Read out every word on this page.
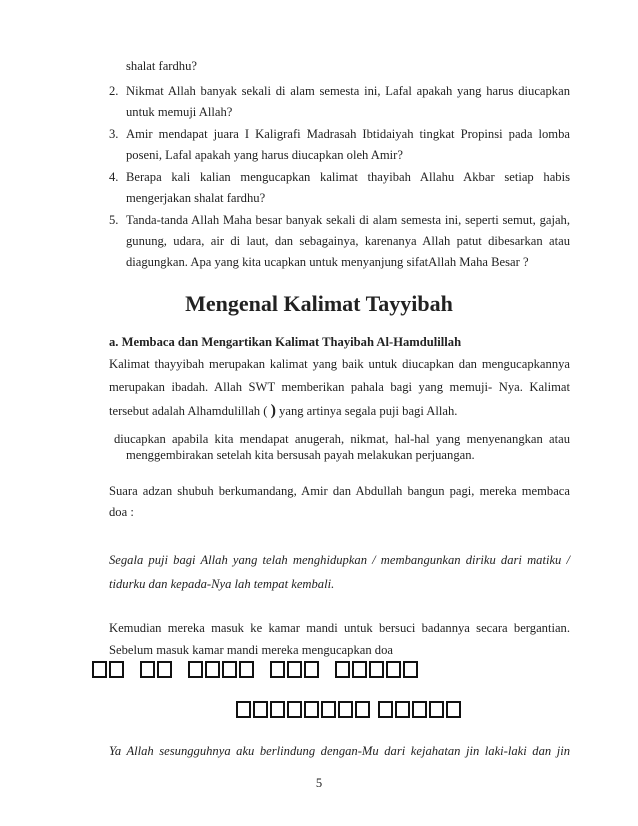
shalat fardhu?
2. Nikmat Allah banyak sekali di alam semesta ini, Lafal apakah yang harus diucapkan
untuk memuji Allah?
3. Amir mendapat juara I Kaligrafi Madrasah Ibtidaiyah tingkat Propinsi pada lomba
poseni, Lafal apakah yang harus diucapkan oleh Amir?
4. Berapa kali kalian mengucapkan kalimat thayibah Allahu Akbar setiap habis
mengerjakan shalat fardhu?
5. Tanda-tanda Allah Maha besar banyak sekali di alam semesta ini, seperti semut, gajah,
gunung, udara, air di laut, dan sebagainya, karenanya Allah patut dibesarkan atau
diagungkan. Apa yang kita ucapkan untuk menyanjung sifatAllah Maha Besar ?
Mengenal Kalimat Tayyibah
a. Membaca dan Mengartikan Kalimat Thayibah Al-Hamdulillah
Kalimat thayyibah merupakan kalimat yang baik untuk diucapkan dan mengucapkannya
merupakan ibadah. Allah SWT memberikan pahala bagi yang memuji- Nya. Kalimat
tersebut adalah Alhamdulillah ( ) yang artinya segala puji bagi Allah.
diucapkan apabila kita mendapat anugerah, nikmat, hal-hal yang menyenangkan atau
menggembirakan setelah kita bersusah payah melakukan perjuangan.
Suara adzan shubuh berkumandang, Amir dan Abdullah bangun pagi, mereka membaca
doa :
Segala puji bagi Allah yang telah menghidupkan / membangunkan diriku dari matiku /
tidurku dan kepada-Nya lah tempat kembali.
Kemudian mereka masuk ke kamar mandi untuk bersuci badannya secara bergantian.
Sebelum masuk kamar mandi mereka mengucapkan doa
Ya Allah sesungguhnya aku berlindung dengan-Mu dari kejahatan jin laki-laki dan jin
5
